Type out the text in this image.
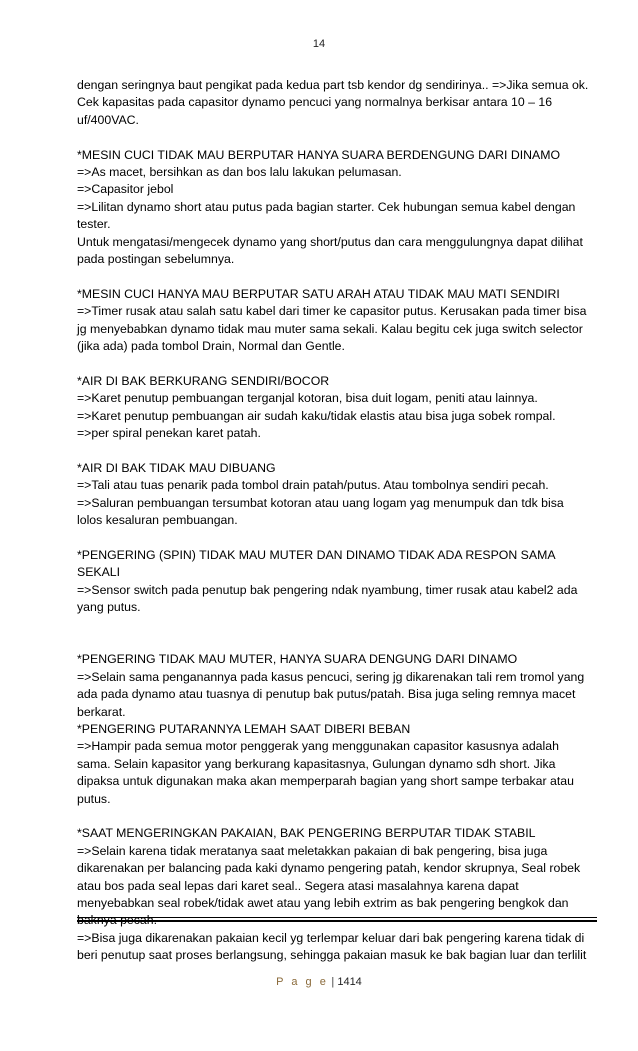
14
dengan seringnya baut pengikat pada kedua part tsb kendor dg sendirinya.. =>Jika semua ok.
Cek kapasitas pada capasitor dynamo pencuci yang normalnya berkisar antara 10 – 16
uf/400VAC.
*MESIN CUCI TIDAK MAU BERPUTAR HANYA SUARA BERDENGUNG DARI DINAMO
=>As macet, bersihkan as dan bos lalu lakukan pelumasan.
=>Capasitor jebol
=>Lilitan dynamo short atau putus pada bagian starter. Cek hubungan semua kabel dengan
tester.
Untuk mengatasi/mengecek dynamo yang short/putus dan cara menggulungnya dapat dilihat
pada postingan sebelumnya.
*MESIN CUCI HANYA MAU BERPUTAR SATU ARAH ATAU TIDAK MAU MATI SENDIRI
=>Timer rusak atau salah satu kabel dari timer ke capasitor putus. Kerusakan pada timer bisa
jg menyebabkan dynamo tidak mau muter sama sekali. Kalau begitu cek juga switch selector
(jika ada) pada tombol Drain, Normal dan Gentle.
*AIR DI BAK BERKURANG SENDIRI/BOCOR
=>Karet penutup pembuangan terganjal kotoran, bisa duit logam, peniti atau lainnya.
=>Karet penutup pembuangan air sudah kaku/tidak elastis atau bisa juga sobek rompal.
=>per spiral penekan karet patah.
*AIR DI BAK TIDAK MAU DIBUANG
=>Tali atau tuas penarik pada tombol drain patah/putus. Atau tombolnya sendiri pecah.
=>Saluran pembuangan tersumbat kotoran atau uang logam yag menumpuk dan tdk bisa
lolos kesaluran pembuangan.
*PENGERING (SPIN) TIDAK MAU MUTER DAN DINAMO TIDAK ADA RESPON SAMA
SEKALI
=>Sensor switch pada penutup bak pengering ndak nyambung, timer rusak atau kabel2 ada
yang putus.
*PENGERING TIDAK MAU MUTER, HANYA SUARA DENGUNG DARI DINAMO
=>Selain sama penganannya pada kasus pencuci, sering jg dikarenakan tali rem tromol yang
ada pada dynamo atau tuasnya di penutup bak putus/patah. Bisa juga seling remnya macet
berkarat.
*PENGERING PUTARANNYA LEMAH SAAT DIBERI BEBAN
=>Hampir pada semua motor penggerak yang menggunakan capasitor kasusnya adalah
sama. Selain kapasitor yang berkurang kapasitasnya, Gulungan dynamo sdh short. Jika
dipaksa untuk digunakan maka akan memperparah bagian yang short sampe terbakar atau
putus.
*SAAT MENGERINGKAN PAKAIAN, BAK PENGERING BERPUTAR TIDAK STABIL
=>Selain karena tidak meratanya saat meletakkan pakaian di bak pengering, bisa juga
dikarenakan per balancing pada kaki dynamo pengering patah, kendor skrupnya, Seal robek
atau bos pada seal lepas dari karet seal.. Segera atasi masalahnya karena dapat
menyebabkan seal robek/tidak awet atau yang lebih extrim as bak pengering bengkok dan
baknya pecah.
=>Bisa juga dikarenakan pakaian kecil yg terlempar keluar dari bak pengering karena tidak di
beri penutup saat proses berlangsung, sehingga pakaian masuk ke bak bagian luar dan terlilit
P a g e | 1414
